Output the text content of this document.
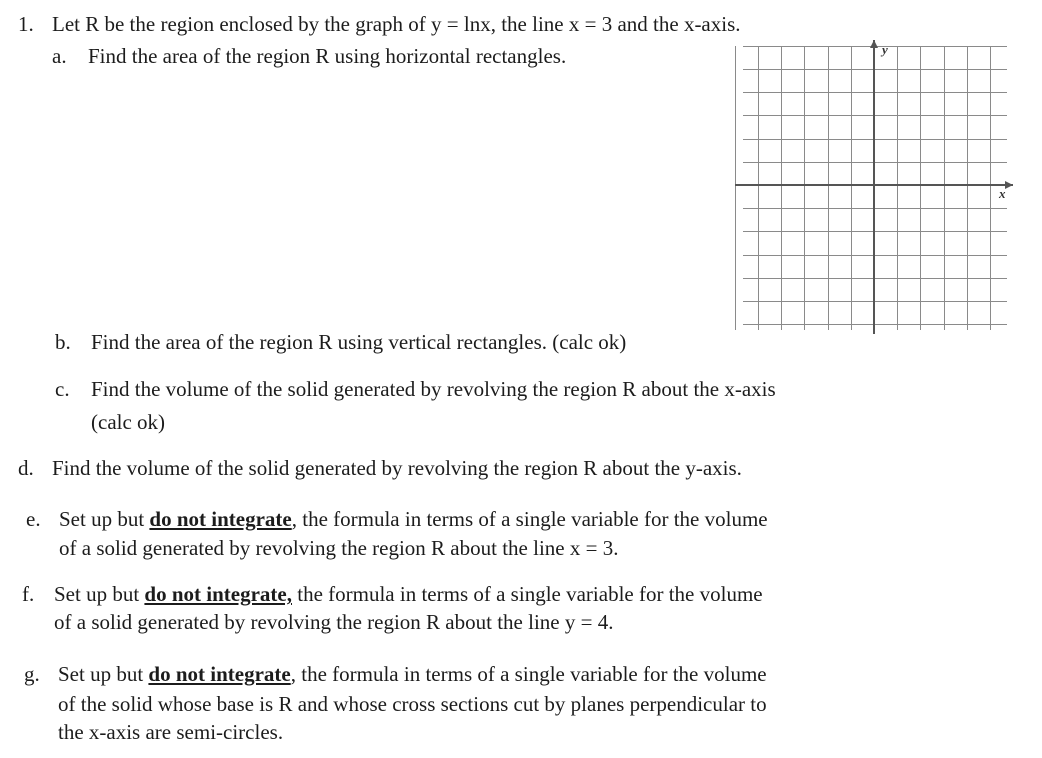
1. Let R be the region enclosed by the graph of y = lnx, the line x = 3 and the x-axis.
a. Find the area of the region R using horizontal rectangles.
x
y
b. Find the area of the region R using vertical rectangles. (calc ok)
c. Find the volume of the solid generated by revolving the region R about the x-axis
(calc ok)
d. Find the volume of the solid generated by revolving the region R about the y-axis.
e. Set up but do not integrate, the formula in terms of a single variable for the volume
of a solid generated by revolving the region R about the line x = 3.
f. Set up but do not integrate, the formula in terms of a single variable for the volume
of a solid generated by revolving the region R about the line y = 4.
g. Set up but do not integrate, the formula in terms of a single variable for the volume
of the solid whose base is R and whose cross sections cut by planes perpendicular to
the x-axis are semi-circles.
